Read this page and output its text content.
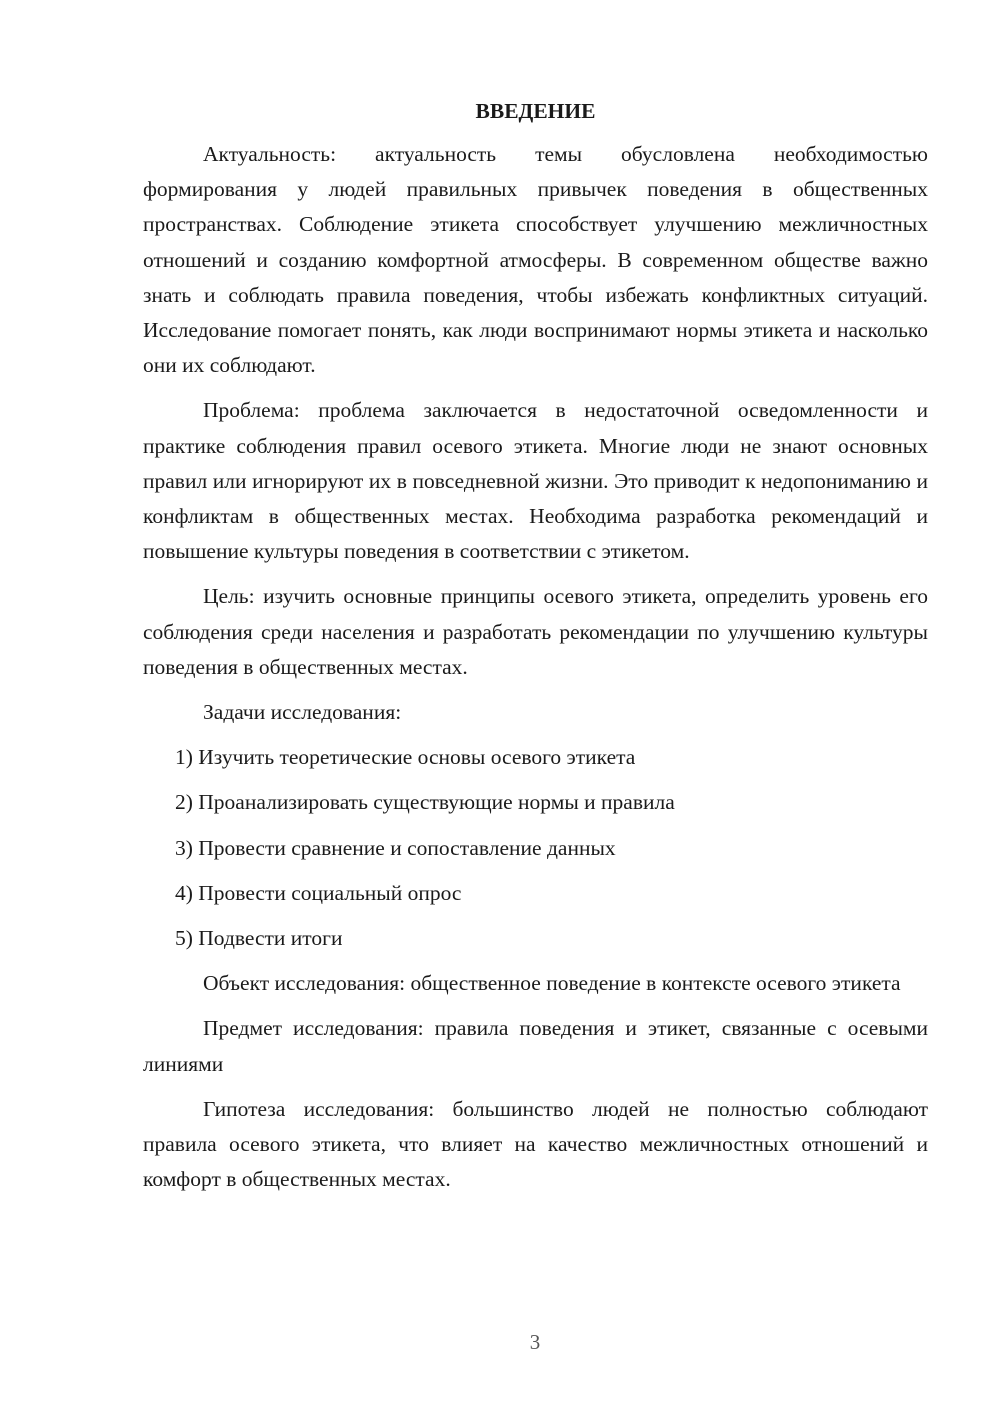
ВВЕДЕНИЕ

Актуальность: актуальность темы обусловлена необходимостью формирования у людей правильных привычек поведения в общественных пространствах. Соблюдение этикета способствует улучшению межличностных отношений и созданию комфортной атмосферы. В современном обществе важно знать и соблюдать правила поведения, чтобы избежать конфликтных ситуаций. Исследование помогает понять, как люди воспринимают нормы этикета и насколько они их соблюдают.

Проблема: проблема заключается в недостаточной осведомленности и практике соблюдения правил осевого этикета. Многие люди не знают основных правил или игнорируют их в повседневной жизни. Это приводит к недопониманию и конфликтам в общественных местах. Необходима разработка рекомендаций и повышение культуры поведения в соответствии с этикетом.

Цель: изучить основные принципы осевого этикета, определить уровень его соблюдения среди населения и разработать рекомендации по улучшению культуры поведения в общественных местах.

Задачи исследования:

1) Изучить теоретические основы осевого этикета
2) Проанализировать существующие нормы и правила
3) Провести сравнение и сопоставление данных
4) Провести социальный опрос
5) Подвести итоги

Объект исследования: общественное поведение в контексте осевого этикета

Предмет исследования: правила поведения и этикет, связанные с осевыми линиями

Гипотеза исследования: большинство людей не полностью соблюдают правила осевого этикета, что влияет на качество межличностных отношений и комфорт в общественных местах.

3
